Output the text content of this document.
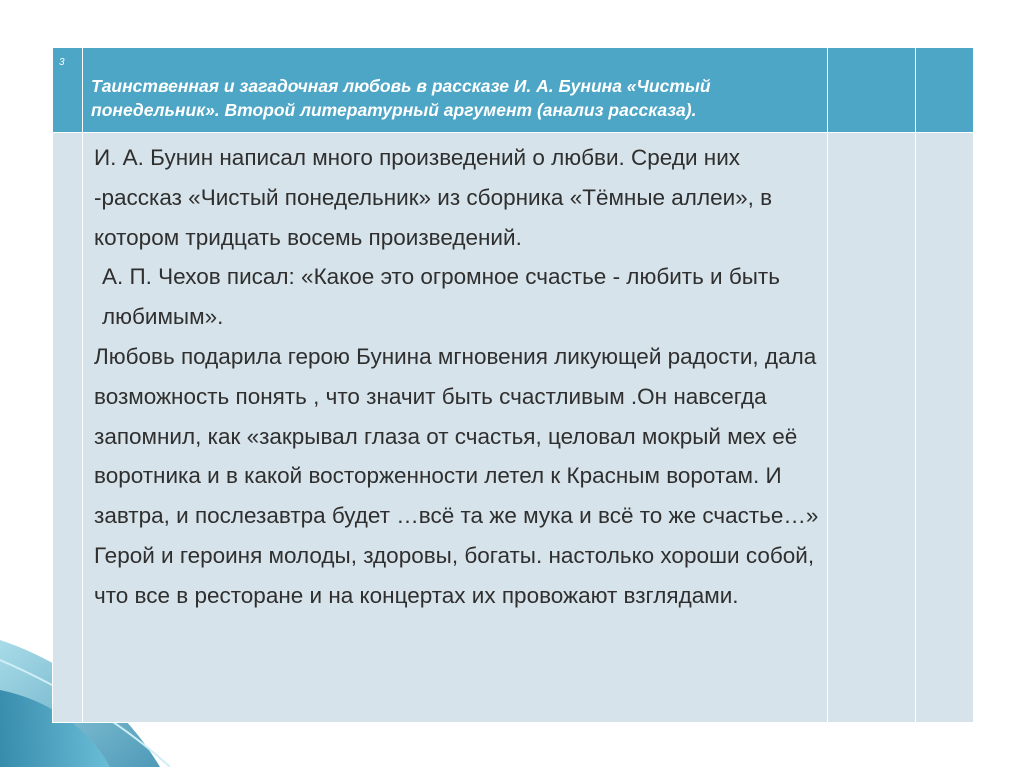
3	Таинственная и загадочная любовь в рассказе И. А. Бунина «Чистый понедельник». Второй литературный аргумент (анализ рассказа).		

	И. А. Бунин написал много произведений о любви. Среди них -рассказ «Чистый понедельник» из сборника «Тёмные аллеи», в котором тридцать восемь произведений.

А. П. Чехов писал: «Какое это огромное счастье - любить и быть любимым».

Любовь подарила герою Бунина мгновения ликующей радости, дала возможность понять , что значит быть счастливым .Он навсегда запомнил, как «закрывал глаза от счастья, целовал мокрый мех её воротника и в какой восторженности летел к Красным воротам. И завтра, и послезавтра будет …всё та же мука и всё то же счастье…» Герой и героиня молоды, здоровы, богаты. настолько хороши собой, что все в ресторане и на концертах их провожают взглядами.		
